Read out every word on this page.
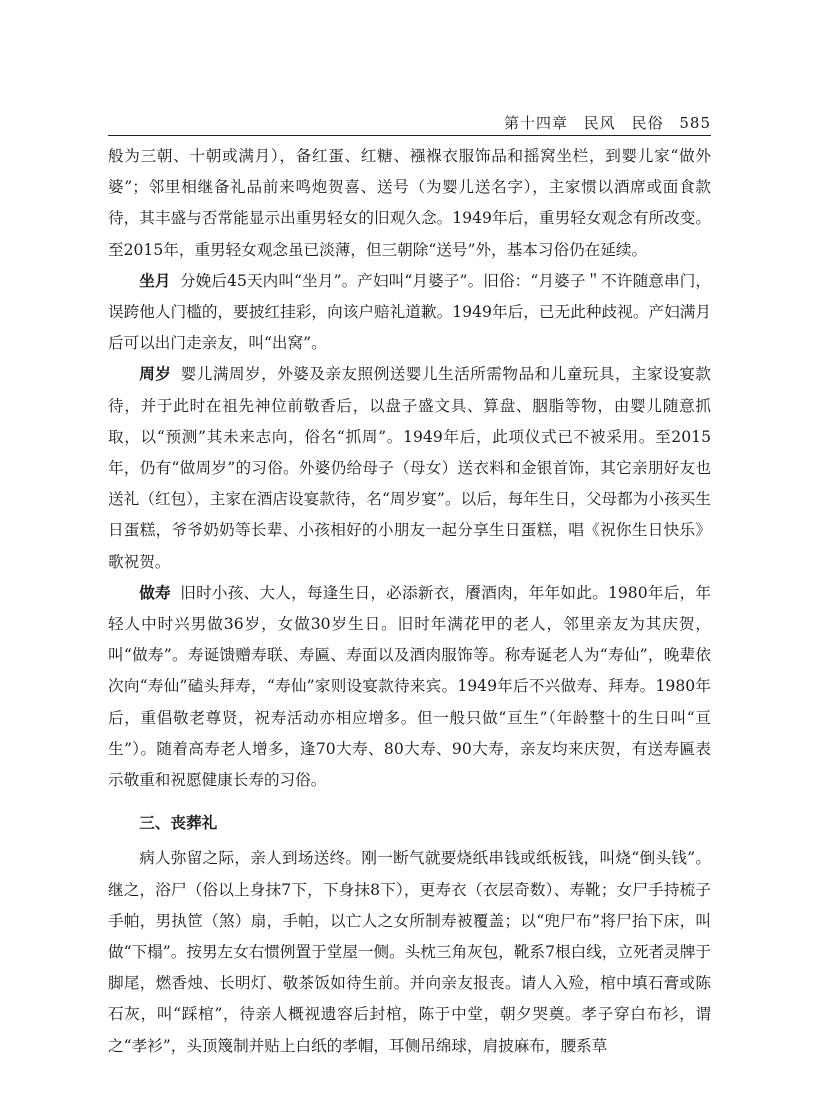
第十四章 民风 民俗 585

般为三朝、十朝或满月），备红蛋、红糖、襁褓衣服饰品和摇窝坐栏，到婴儿家“做外婆”；邻里相继备礼品前来鸣炮贺喜、送号（为婴儿送名字），主家惯以酒席或面食款待，其丰盛与否常能显示出重男轻女的旧观久念。1949年后，重男轻女观念有所改变。至2015年，重男轻女观念虽已淡薄，但三朝除“送号”外，基本习俗仍在延续。

坐月 分娩后45天内叫“坐月”。产妇叫“月婆子”。旧俗：“月婆子＂不许随意串门，误跨他人门槛的，要披红挂彩，向该户赔礼道歉。1949年后，已无此种歧视。产妇满月后可以出门走亲友，叫“出窝”。

周岁 婴儿满周岁，外婆及亲友照例送婴儿生活所需物品和儿童玩具，主家设宴款待，并于此时在祖先神位前敬香后，以盘子盛文具、算盘、胭脂等物，由婴儿随意抓取，以“预测”其未来志向，俗名“抓周”。1949年后，此项仪式已不被采用。至2015年，仍有“做周岁”的习俗。外婆仍给母子（母女）送衣料和金银首饰，其它亲朋好友也送礼（红包），主家在酒店设宴款待，名“周岁宴”。以后，每年生日，父母都为小孩买生日蛋糕，爷爷奶奶等长辈、小孩相好的小朋友一起分享生日蛋糕，唱《祝你生日快乐》歌祝贺。

做寿 旧时小孩、大人，每逢生日，必添新衣，餍酒肉，年年如此。1980年后，年轻人中时兴男做36岁，女做30岁生日。旧时年满花甲的老人，邻里亲友为其庆贺，叫“做寿”。寿诞馈赠寿联、寿匾、寿面以及酒肉服饰等。称寿诞老人为“寿仙”，晚辈依次向“寿仙”磕头拜寿，“寿仙”家则设宴款待来宾。1949年后不兴做寿、拜寿。1980年后，重倡敬老尊贤，祝寿活动亦相应增多。但一般只做“亘生”（年龄整十的生日叫“亘生”）。随着高寿老人增多，逢70大寿、80大寿、90大寿，亲友均来庆贺，有送寿匾表示敬重和祝愿健康长寿的习俗。

三、丧葬礼

病人弥留之际，亲人到场送终。刚一断气就要烧纸串钱或纸板钱，叫烧“倒头钱”。继之，浴尸（俗以上身抹7下，下身抹8下），更寿衣（衣层奇数）、寿靴；女尸手持梳子手帕，男执笸（煞）扇，手帕，以亡人之女所制寿被覆盖；以“兜尸布”将尸抬下床，叫做“下榻”。按男左女右惯例置于堂屋一侧。头枕三角灰包，靴系7根白线，立死者灵牌于脚尾，燃香烛、长明灯、敬茶饭如待生前。并向亲友报丧。请人入殓，棺中填石膏或陈石灰，叫“踩棺”，待亲人概视遗容后封棺，陈于中堂，朝夕哭奠。孝子穿白布衫，谓之“孝衫”，头顶篾制并贴上白纸的孝帽，耳侧吊绵球，肩披麻布，腰系草
